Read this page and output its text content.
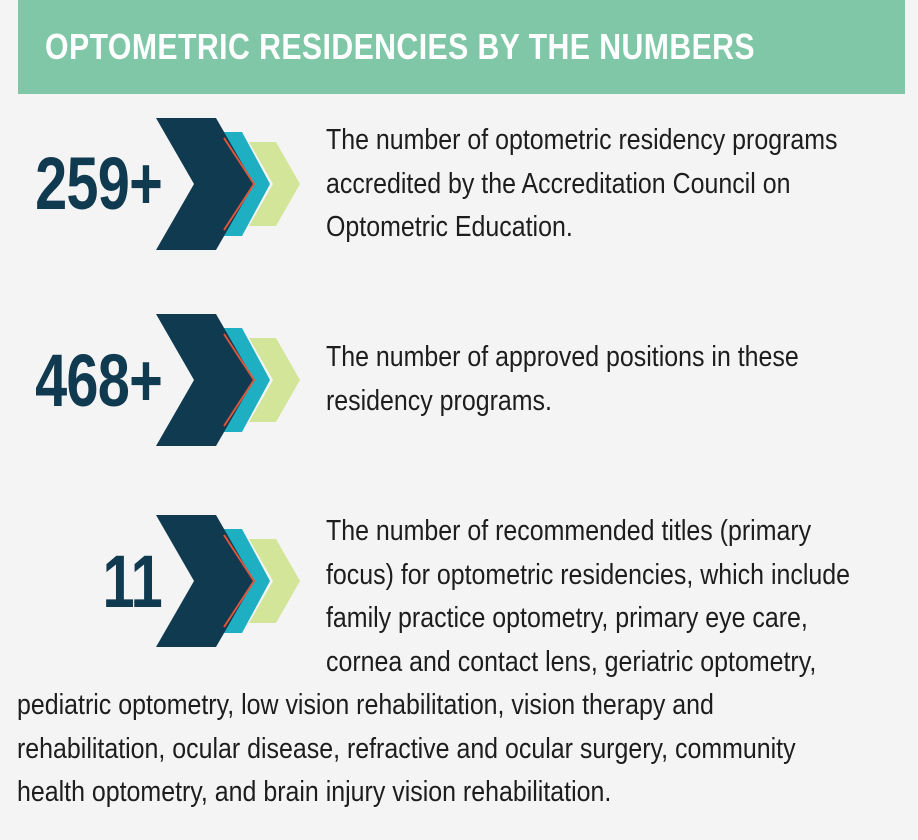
OPTOMETRIC RESIDENCIES BY THE NUMBERS
259+

The number of optometric residency programs

accredited by the Accreditation Council on

Optometric Education.

468+	The number of approved positions in these

residency programs.

11

The number of recommended titles (primary

focus) for optometric residencies, which include

family practice optometry, primary eye care,

cornea and contact lens, geriatric optometry,

pediatric optometry, low vision rehabilitation, vision therapy and

rehabilitation, ocular disease, refractive and ocular surgery, community

health optometry, and brain injury vision rehabilitation.
